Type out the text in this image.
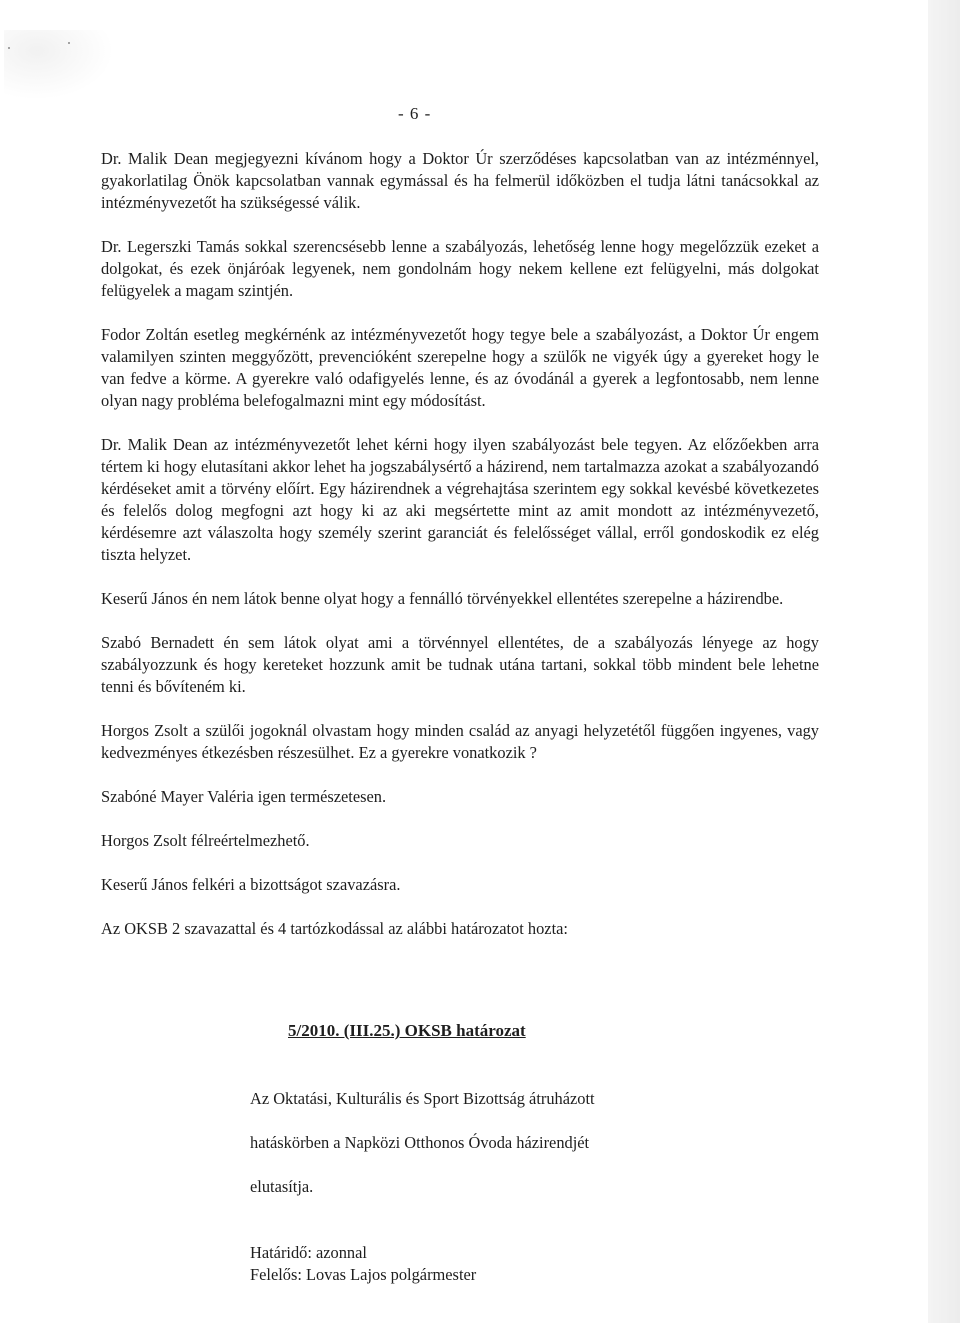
- 6 -

Dr. Malik Dean megjegyezni kívánom hogy a Doktor Úr szerződéses kapcsolatban van az intézménnyel, gyakorlatilag Önök kapcsolatban vannak egymással és ha felmerül időközben el tudja látni tanácsokkal az intézményvezetőt ha szükségessé válik.

Dr. Legerszki Tamás sokkal szerencsésebb lenne a szabályozás, lehetőség lenne hogy megelőzzük ezeket a dolgokat, és ezek önjáróak legyenek, nem gondolnám hogy nekem kellene ezt felügyelni, más dolgokat felügyelek a magam szintjén.

Fodor Zoltán esetleg megkérnénk az intézményvezetőt hogy tegye bele a szabályozást, a Doktor Úr engem valamilyen szinten meggyőzött, prevencióként szerepelne hogy a szülők ne vigyék úgy a gyereket hogy le van fedve a körme. A gyerekre való odafigyelés lenne, és az óvodánál a gyerek a legfontosabb, nem lenne olyan nagy probléma belefogalmazni mint egy módosítást.

Dr. Malik Dean az intézményvezetőt lehet kérni hogy ilyen szabályozást bele tegyen. Az előzőekben arra tértem ki hogy elutasítani akkor lehet ha jogszabálysértő a házirend, nem tartalmazza azokat a szabályozandó kérdéseket amit a törvény előírt. Egy házirendnek a végrehajtása szerintem egy sokkal kevésbé következetes és felelős dolog megfogni azt hogy ki az aki megsértette mint az amit mondott az intézményvezető, kérdésemre azt válaszolta hogy személy szerint garanciát és felelősséget vállal, erről gondoskodik ez elég tiszta helyzet.

Keserű János én nem látok benne olyat hogy a fennálló törvényekkel ellentétes szerepelne a házirendbe.

Szabó Bernadett én sem látok olyat ami a törvénnyel ellentétes, de a szabályozás lényege az hogy szabályozzunk és hogy kereteket hozzunk amit be tudnak utána tartani, sokkal több mindent bele lehetne tenni és bővíteném ki.

Horgos Zsolt a szülői jogoknál olvastam hogy minden család az anyagi helyzetétől függően ingyenes, vagy kedvezményes étkezésben részesülhet. Ez a gyerekre vonatkozik ?

Szabóné Mayer Valéria igen természetesen.

Horgos Zsolt félreértelmezhető.

Keserű János felkéri a bizottságot szavazásra.

Az OKSB 2 szavazattal és 4 tartózkodással az alábbi határozatot hozta:

5/2010. (III.25.) OKSB határozat

Az Oktatási, Kulturális és Sport Bizottság átruházott

hatáskörben a Napközi Otthonos Óvoda házirendjét

elutasítja.

Határidő: azonnal
Felelős: Lovas Lajos polgármester
